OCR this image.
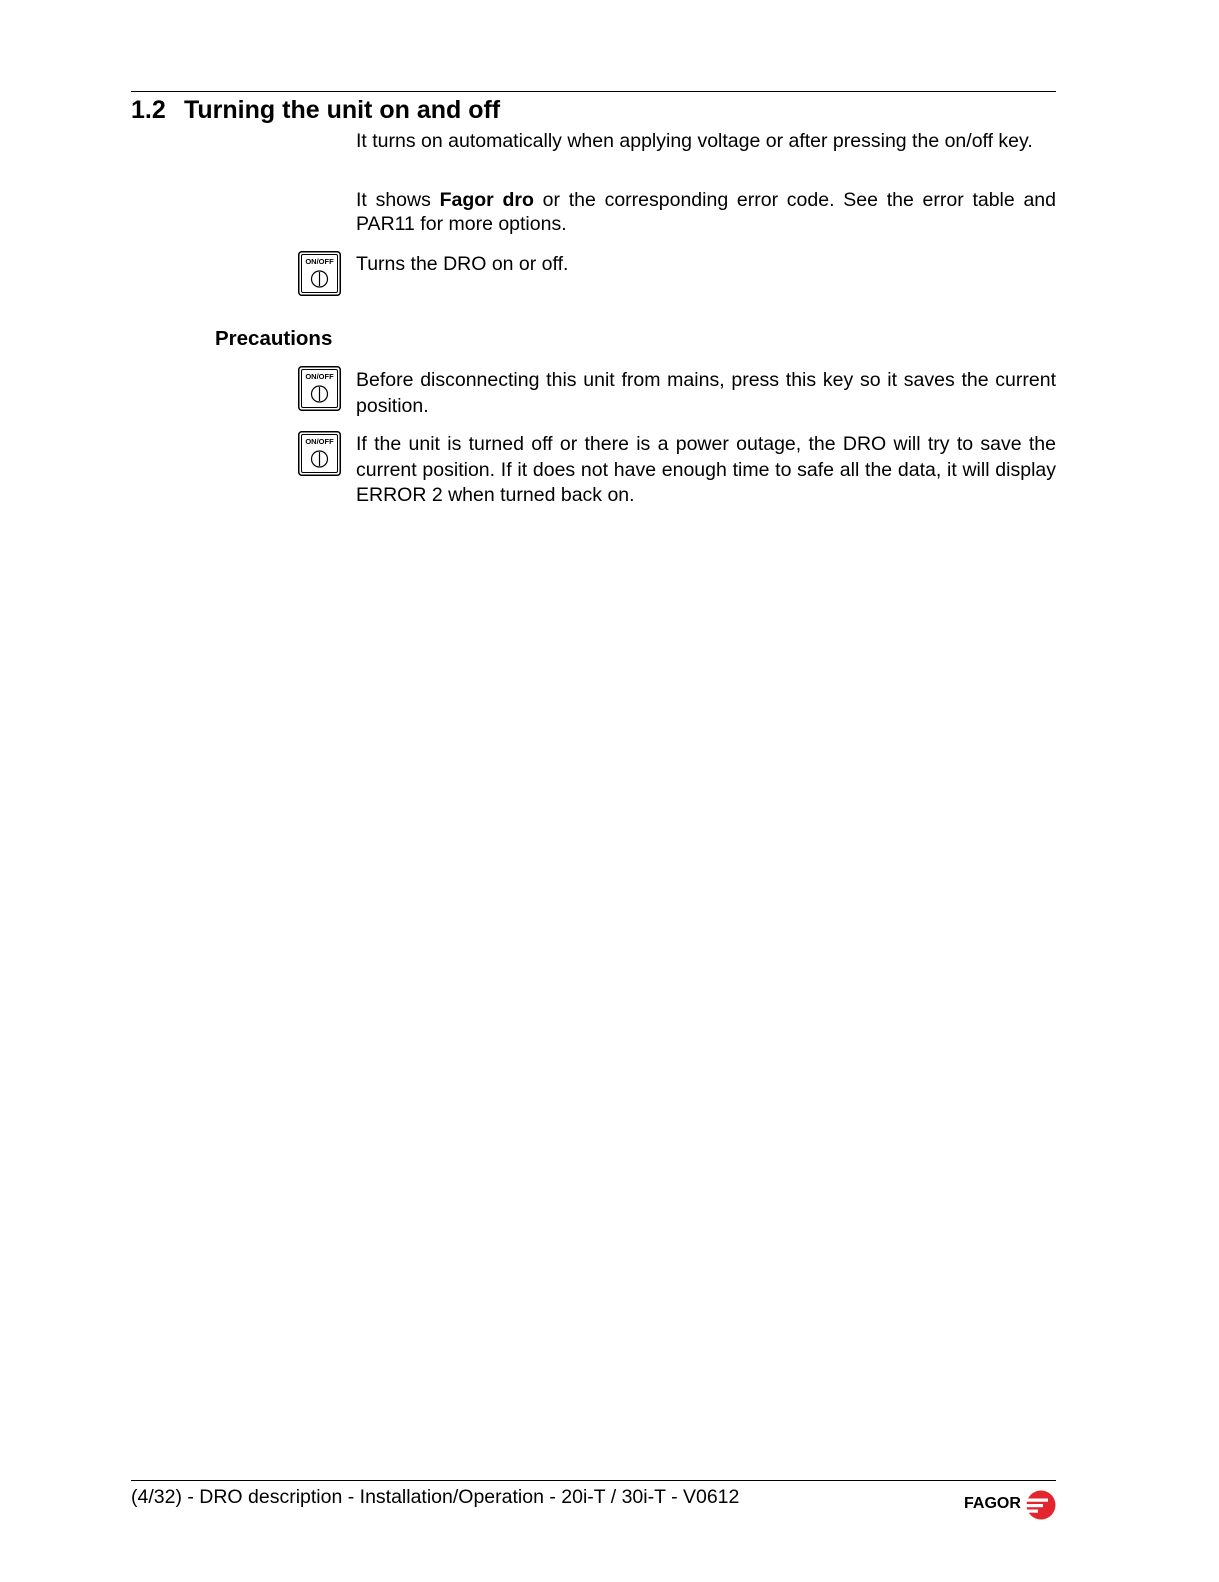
1.2 Turning the unit on and off

It turns on automatically when applying voltage or after pressing the on/off key.

It shows Fagor dro or the corresponding error code. See the error table and PAR11 for more options.

ON/OFF Turns the DRO on or off.

Precautions
ON/OFF Before disconnecting this unit from mains, press this key so it saves the current position.

ON/OFF If the unit is turned off or there is a power outage, the DRO will try to save the current position. If it does not have enough time to safe all the data, it will display ERROR 2 when turned back on.

(4/32) - DRO description - Installation/Operation - 20i-T / 30i-T - V0612	FAGOR
